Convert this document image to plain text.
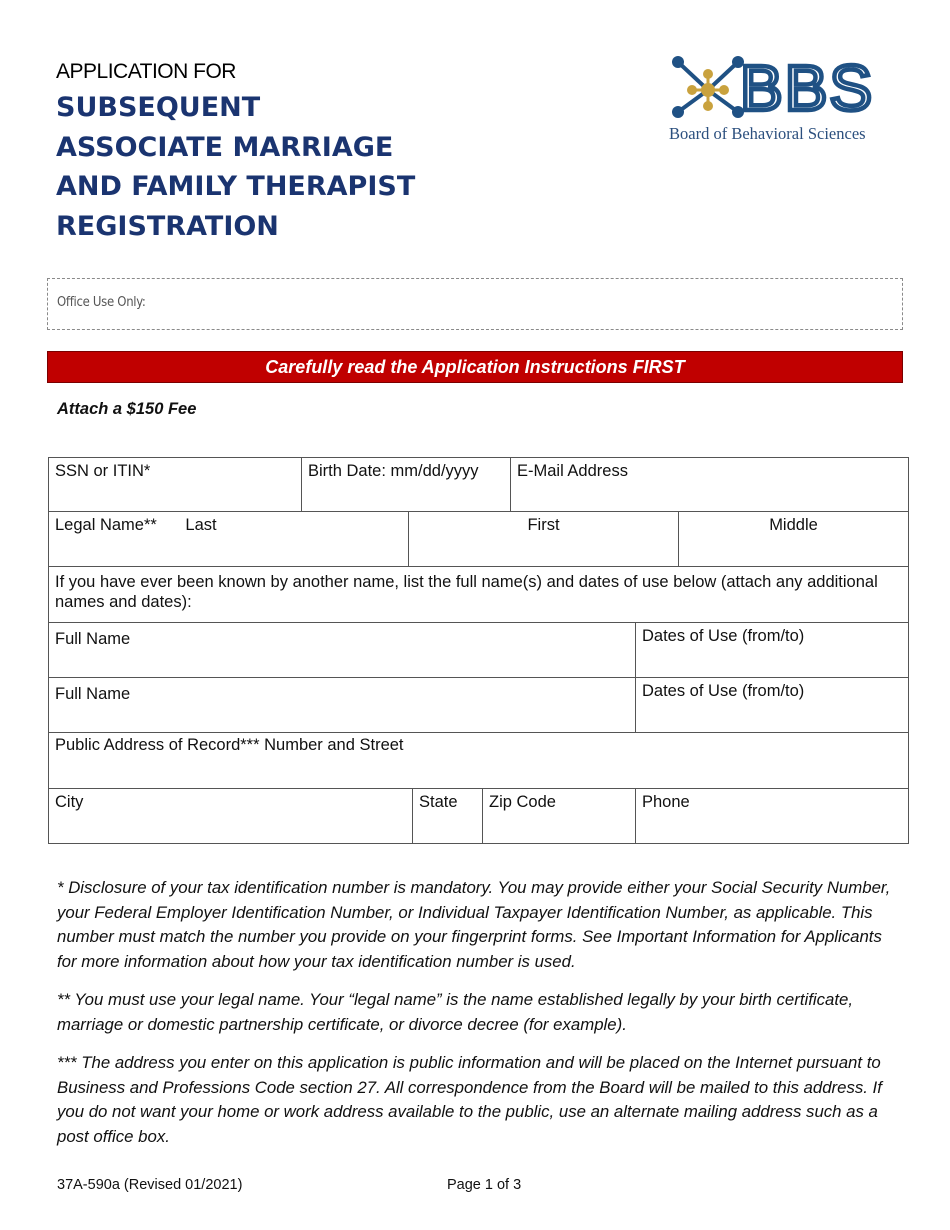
APPLICATION FOR
SUBSEQUENT
ASSOCIATE MARRIAGE
AND FAMILY THERAPIST
REGISTRATION
BBS
Board of Behavioral Sciences
Office Use Only:
Carefully read the Application Instructions FIRST
Attach a $150 Fee
SSN or ITIN*	Birth Date: mm/dd/yyyy	E-Mail Address
Legal Name** Last	First	Middle
If you have ever been known by another name, list the full name(s) and dates of use below (attach any additional names and dates):
Full Name	Dates of Use (from/to)
Full Name	Dates of Use (from/to)
Public Address of Record*** Number and Street
City	State	Zip Code	Phone
* Disclosure of your tax identification number is mandatory. You may provide either your Social Security Number, your Federal Employer Identification Number, or Individual Taxpayer Identification Number, as applicable. This number must match the number you provide on your fingerprint forms. See Important Information for Applicants for more information about how your tax identification number is used.
** You must use your legal name. Your “legal name” is the name established legally by your birth certificate, marriage or domestic partnership certificate, or divorce decree (for example).
*** The address you enter on this application is public information and will be placed on the Internet pursuant to Business and Professions Code section 27. All correspondence from the Board will be mailed to this address. If you do not want your home or work address available to the public, use an alternate mailing address such as a post office box.
37A-590a (Revised 01/2021)	Page 1 of 3
